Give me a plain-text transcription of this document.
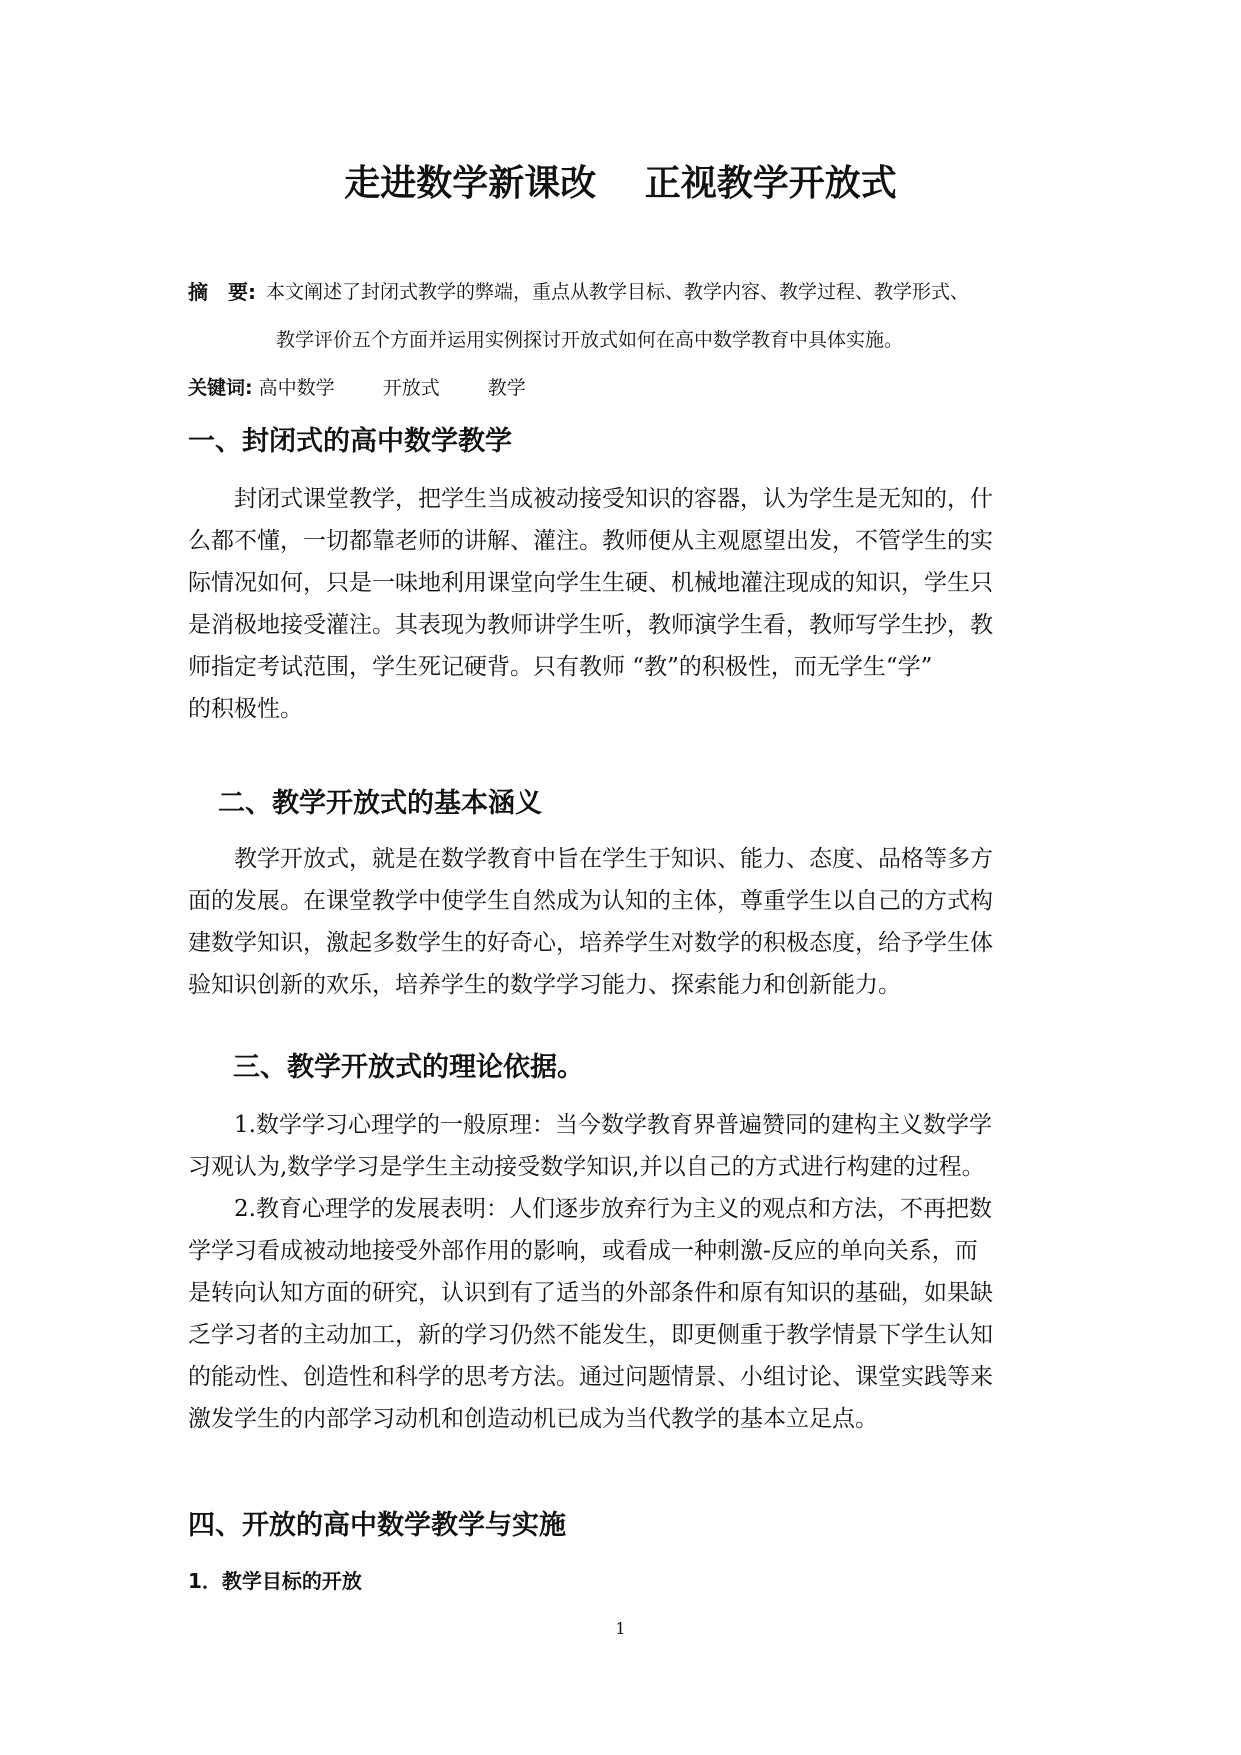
走进数学新课改　 正视教学开放式
摘　要: 本文阐述了封闭式教学的弊端，重点从教学目标、教学内容、教学过程、教学形式、
教学评价五个方面并运用实例探讨开放式如何在高中数学教育中具体实施。
关键词: 高中数学	开放式	教学
一、封闭式的高中数学教学
封闭式课堂教学，把学生当成被动接受知识的容器，认为学生是无知的，什
么都不懂，一切都靠老师的讲解、灌注。教师便从主观愿望出发，不管学生的实
际情况如何，只是一味地利用课堂向学生生硬、机械地灌注现成的知识，学生只
是消极地接受灌注。其表现为教师讲学生听，教师演学生看，教师写学生抄，教
师指定考试范围，学生死记硬背。只有教师 “教”的积极性，而无学生“学”
的积极性。
二、教学开放式的基本涵义
教学开放式，就是在数学教育中旨在学生于知识、能力、态度、品格等多方
面的发展。在课堂教学中使学生自然成为认知的主体，尊重学生以自己的方式构
建数学知识，激起多数学生的好奇心，培养学生对数学的积极态度，给予学生体
验知识创新的欢乐，培养学生的数学学习能力、探索能力和创新能力。
三、教学开放式的理论依据。
1.数学学习心理学的一般原理：当今数学教育界普遍赞同的建构主义数学学
习观认为,数学学习是学生主动接受数学知识,并以自己的方式进行构建的过程。
2.教育心理学的发展表明：人们逐步放弃行为主义的观点和方法，不再把数
学学习看成被动地接受外部作用的影响，或看成一种刺激-反应的单向关系，而
是转向认知方面的研究，认识到有了适当的外部条件和原有知识的基础，如果缺
乏学习者的主动加工，新的学习仍然不能发生，即更侧重于教学情景下学生认知
的能动性、创造性和科学的思考方法。通过问题情景、小组讨论、课堂实践等来
激发学生的内部学习动机和创造动机已成为当代教学的基本立足点。
四、开放的高中数学教学与实施
1．教学目标的开放
1
